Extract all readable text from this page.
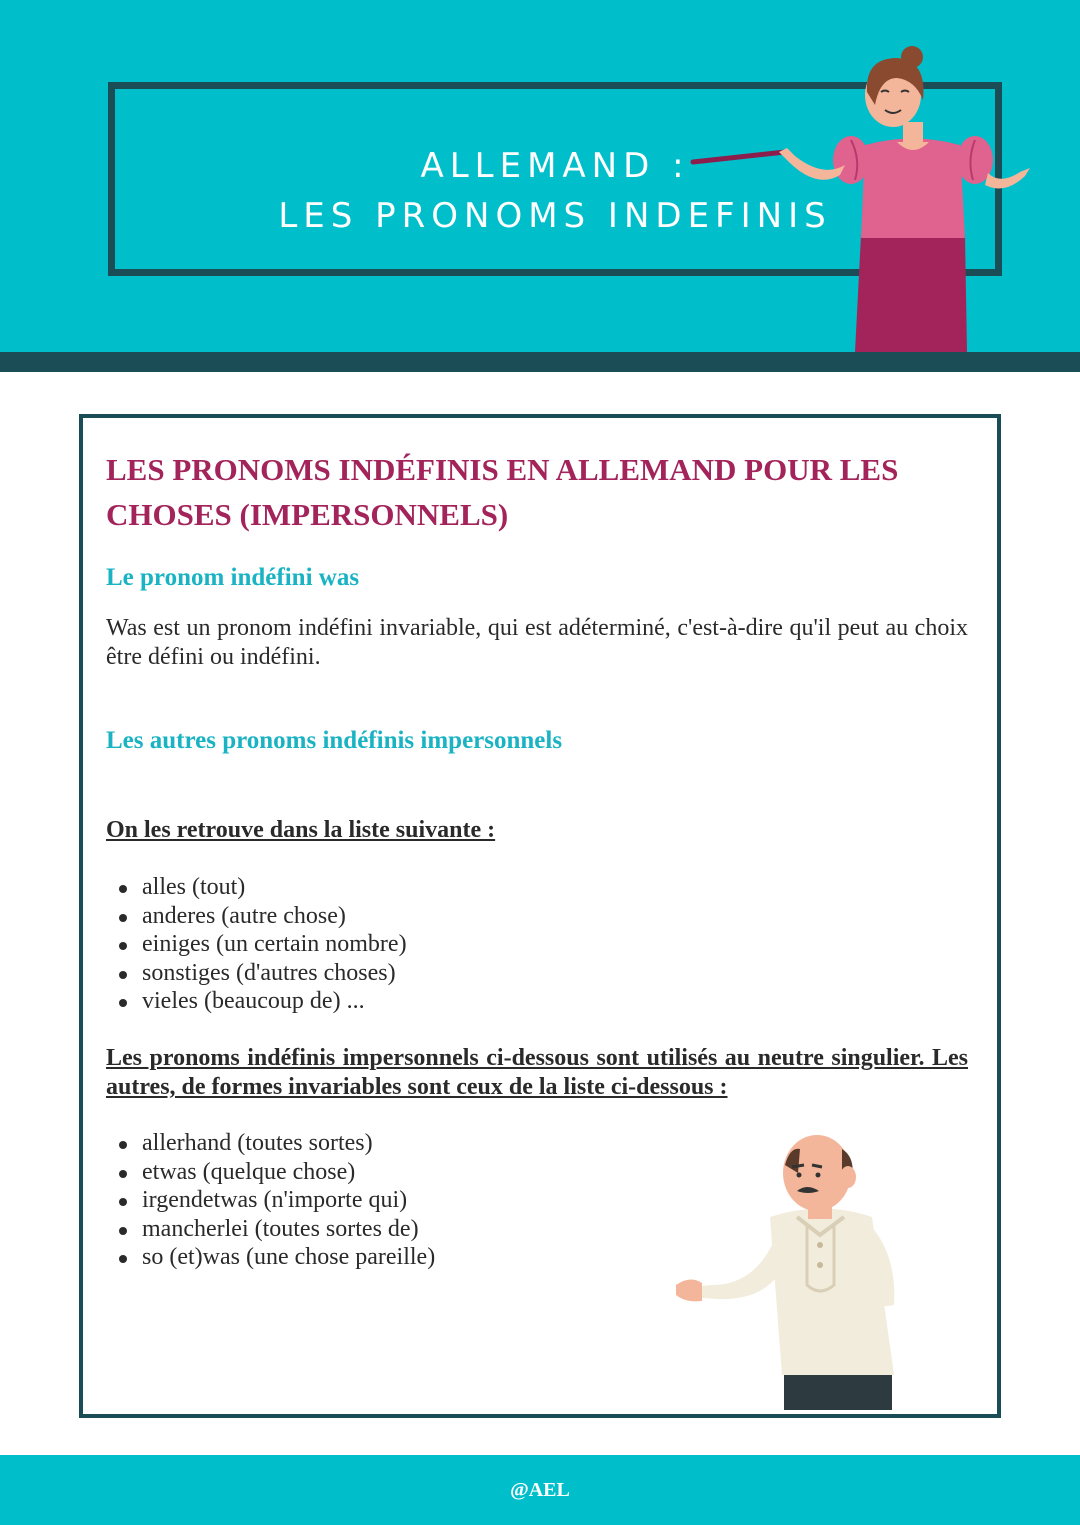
ALLEMAND :
LES PRONOMS INDEFINIS
LES PRONOMS INDÉFINIS EN ALLEMAND POUR LES
CHOSES (IMPERSONNELS)
Le pronom indéfini was
Was est un pronom indéfini invariable, qui est adéterminé, c'est-à-dire qu'il peut au choix être défini ou indéfini.
Les autres pronoms indéfinis impersonnels
On les retrouve dans la liste suivante :
alles (tout)
anderes (autre chose)
einiges (un certain nombre)
sonstiges (d'autres choses)
vieles (beaucoup de) ...
Les pronoms indéfinis impersonnels ci-dessous sont utilisés au neutre singulier. Les autres, de formes invariables sont ceux de la liste ci-dessous :
allerhand (toutes sortes)
etwas (quelque chose)
irgendetwas (n'importe qui)
mancherlei (toutes sortes de)
so (et)was (une chose pareille)
@AEL
